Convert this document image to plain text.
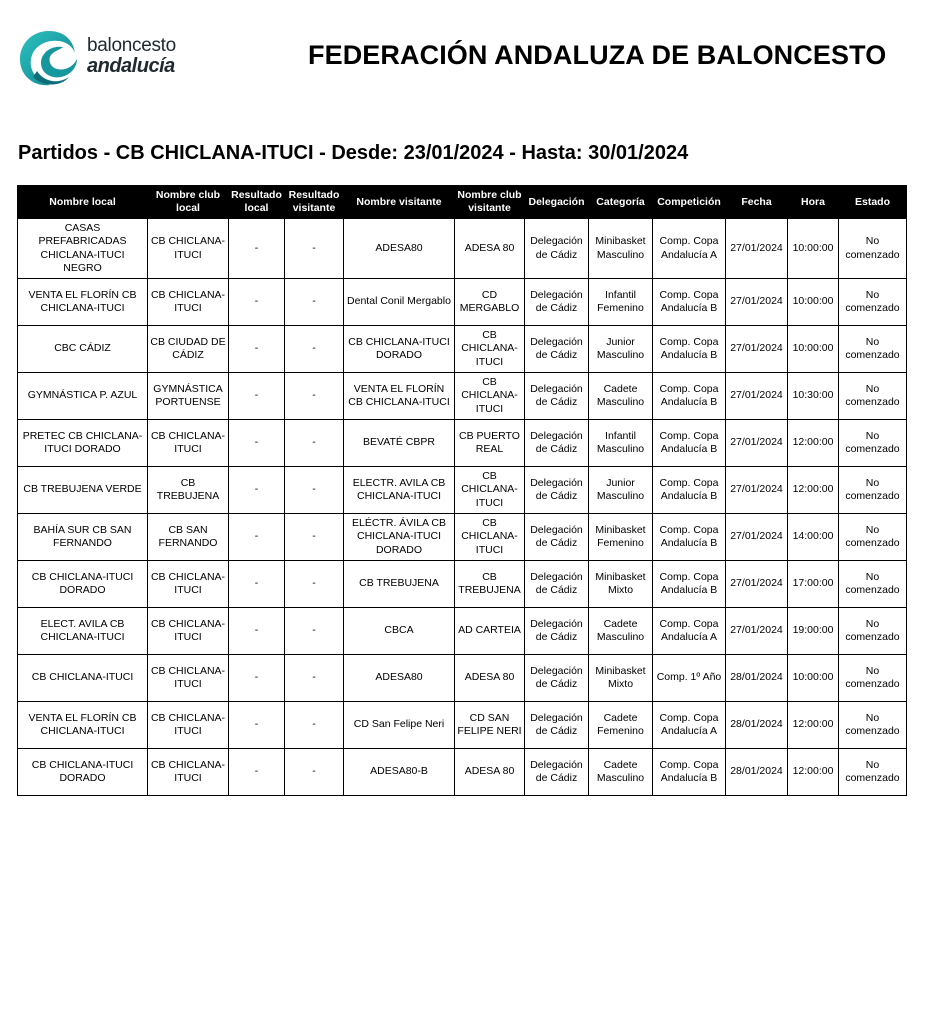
baloncesto
andalucía	FEDERACIÓN ANDALUZA DE BALONCESTO
Partidos - CB CHICLANA-ITUCI - Desde: 23/01/2024 - Hasta: 30/01/2024
Nombre local	Nombre club local	Resultado local	Resultado visitante	Nombre visitante	Nombre club visitante	Delegación	Categoría	Competición	Fecha	Hora	Estado
CASAS PREFABRICADAS CHICLANA-ITUCI NEGRO	CB CHICLANA-ITUCI	-	-	ADESA80	ADESA 80	Delegación de Cádiz	Minibasket Masculino	Comp. Copa Andalucía A	27/01/2024	10:00:00	No comenzado
VENTA EL FLORÍN CB CHICLANA-ITUCI	CB CHICLANA-ITUCI	-	-	Dental Conil Mergablo	CD MERGABLO	Delegación de Cádiz	Infantil Femenino	Comp. Copa Andalucía B	27/01/2024	10:00:00	No comenzado
CBC CÁDIZ	CB CIUDAD DE CÁDIZ	-	-	CB CHICLANA-ITUCI DORADO	CB CHICLANA-ITUCI	Delegación de Cádiz	Junior Masculino	Comp. Copa Andalucía B	27/01/2024	10:00:00	No comenzado
GYMNÁSTICA P. AZUL	GYMNÁSTICA PORTUENSE	-	-	VENTA EL FLORÍN CB CHICLANA-ITUCI	CB CHICLANA-ITUCI	Delegación de Cádiz	Cadete Masculino	Comp. Copa Andalucía B	27/01/2024	10:30:00	No comenzado
PRETEC CB CHICLANA-ITUCI DORADO	CB CHICLANA-ITUCI	-	-	BEVATÉ CBPR	CB PUERTO REAL	Delegación de Cádiz	Infantil Masculino	Comp. Copa Andalucía B	27/01/2024	12:00:00	No comenzado
CB TREBUJENA VERDE	CB TREBUJENA	-	-	ELECTR. AVILA CB CHICLANA-ITUCI	CB CHICLANA-ITUCI	Delegación de Cádiz	Junior Masculino	Comp. Copa Andalucía B	27/01/2024	12:00:00	No comenzado
BAHÍA SUR CB SAN FERNANDO	CB SAN FERNANDO	-	-	ELÉCTR. ÁVILA CB CHICLANA-ITUCI DORADO	CB CHICLANA-ITUCI	Delegación de Cádiz	Minibasket Femenino	Comp. Copa Andalucía B	27/01/2024	14:00:00	No comenzado
CB CHICLANA-ITUCI DORADO	CB CHICLANA-ITUCI	-	-	CB TREBUJENA	CB TREBUJENA	Delegación de Cádiz	Minibasket Mixto	Comp. Copa Andalucía B	27/01/2024	17:00:00	No comenzado
ELECT. AVILA CB CHICLANA-ITUCI	CB CHICLANA-ITUCI	-	-	CBCA	AD CARTEIA	Delegación de Cádiz	Cadete Masculino	Comp. Copa Andalucía A	27/01/2024	19:00:00	No comenzado
CB CHICLANA-ITUCI	CB CHICLANA-ITUCI	-	-	ADESA80	ADESA 80	Delegación de Cádiz	Minibasket Mixto	Comp. 1º Año	28/01/2024	10:00:00	No comenzado
VENTA EL FLORÍN CB CHICLANA-ITUCI	CB CHICLANA-ITUCI	-	-	CD San Felipe Neri	CD SAN FELIPE NERI	Delegación de Cádiz	Cadete Femenino	Comp. Copa Andalucía A	28/01/2024	12:00:00	No comenzado
CB CHICLANA-ITUCI DORADO	CB CHICLANA-ITUCI	-	-	ADESA80-B	ADESA 80	Delegación de Cádiz	Cadete Masculino	Comp. Copa Andalucía B	28/01/2024	12:00:00	No comenzado
